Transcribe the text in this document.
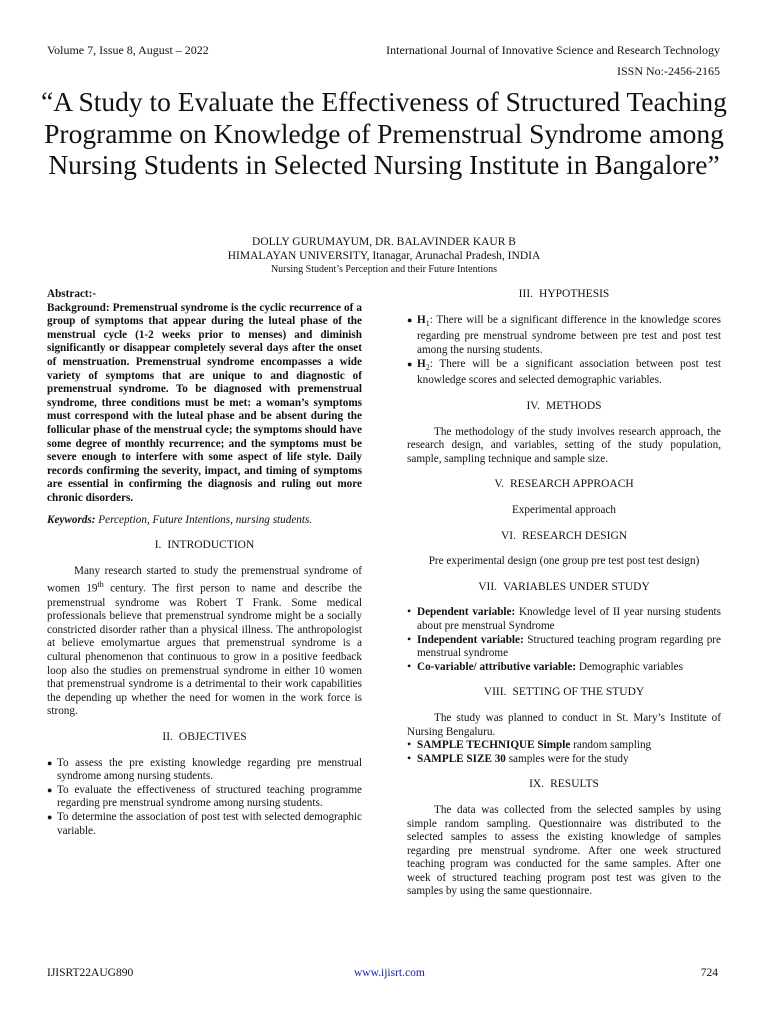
Volume 7, Issue 8, August – 2022	International Journal of Innovative Science and Research Technology
ISSN No:-2456-2165
“A Study to Evaluate the Effectiveness of Structured Teaching Programme on Knowledge of Premenstrual Syndrome among Nursing Students in Selected Nursing Institute in Bangalore”
DOLLY GURUMAYUM, DR. BALAVINDER KAUR B
HIMALAYAN UNIVERSITY, Itanagar, Arunachal Pradesh, INDIA
Nursing Student’s Perception and their Future Intentions
Abstract:-
Background: Premenstrual syndrome is the cyclic recurrence of a group of symptoms that appear during the luteal phase of the menstrual cycle (1-2 weeks prior to menses) and diminish significantly or disappear completely several days after the onset of menstruation. Premenstrual syndrome encompasses a wide variety of symptoms that are unique to and diagnostic of premenstrual syndrome. To be diagnosed with premenstrual syndrome, three conditions must be met: a woman’s symptoms must correspond with the luteal phase and be absent during the follicular phase of the menstrual cycle; the symptoms should have some degree of monthly recurrence; and the symptoms must be severe enough to interfere with some aspect of life style. Daily records confirming the severity, impact, and timing of symptoms are essential in confirming the diagnosis and ruling out more chronic disorders.
Keywords: Perception, Future Intentions, nursing students.
I. INTRODUCTION

Many research started to study the premenstrual syndrome of women 19th century. The first person to name and describe the premenstrual syndrome was Robert T Frank. Some medical professionals believe that premenstrual syndrome might be a socially constricted disorder rather than a physical illness. The anthropologist at believe emolymartue argues that premenstrual syndrome is a cultural phenomenon that continuous to grow in a positive feedback loop also the studies on premenstrual syndrome in either 10 women that premenstrual syndrome is a detrimental to their work capabilities the depending up whether the need for women in the work force is strong.

II. OBJECTIVES
● To assess the pre existing knowledge regarding pre menstrual syndrome among nursing students.
● To evaluate the effectiveness of structured teaching programme regarding pre menstrual syndrome among nursing students.
● To determine the association of post test with selected demographic variable.
III. HYPOTHESIS
● $H_1$: There will be a significant difference in the knowledge scores regarding pre menstrual syndrome between pre test and post test among the nursing students.
● $H_2$: There will be a significant association between post test knowledge scores and selected demographic variables.
IV. METHODS

The methodology of the study involves research approach, the research design, and variables, setting of the study population, sample, sampling technique and sample size.

V. RESEARCH APPROACH

Experimental approach

VI. RESEARCH DESIGN

Pre experimental design (one group pre test post test design)

VII. VARIABLES UNDER STUDY
• Dependent variable: Knowledge level of II year nursing students about pre menstrual Syndrome
• Independent variable: Structured teaching program regarding pre menstrual syndrome
• Co-variable/ attributive variable: Demographic variables
VIII. SETTING OF THE STUDY

The study was planned to conduct in St. Mary’s Institute of Nursing Bengaluru.

• SAMPLE TECHNIQUE Simple random sampling
• SAMPLE SIZE 30 samples were for the study
IX. RESULTS

The data was collected from the selected samples by using simple random sampling. Questionnaire was distributed to the selected samples to assess the existing knowledge of samples regarding pre menstrual syndrome. After one week structured teaching program was conducted for the same samples. After one week of structured teaching program post test was given to the samples by using the same questionnaire.

IJISRT22AUG890	www.ijisrt.com	724
